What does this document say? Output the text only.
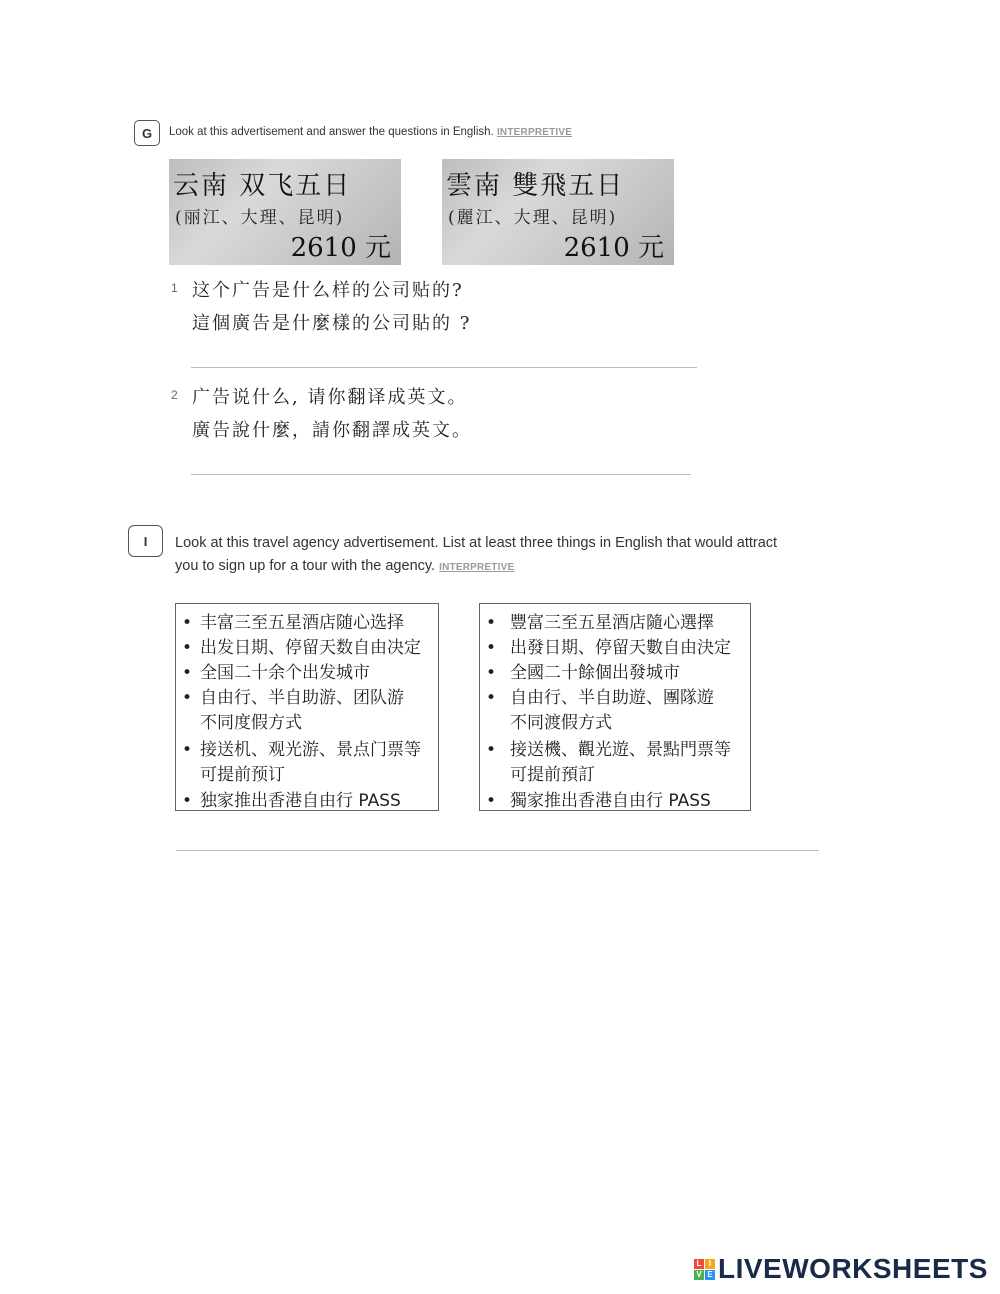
G Look at this advertisement and answer the questions in English. INTERPRETIVE
云南 双飞五日
(丽江、大理、昆明)
2610 元
雲南 雙飛五日
(麗江、大理、昆明)
2610 元
1 这个广告是什么样的公司贴的?
這個廣告是什麼樣的公司貼的 ?
2 广告说什么, 请你翻译成英文。
廣告說什麼，請你翻譯成英文。
I Look at this travel agency advertisement. List at least three things in English that would attract
you to sign up for a tour with the agency. INTERPRETIVE
• 丰富三至五星酒店随心选择
• 出发日期、停留天数自由决定
• 全国二十余个出发城市
• 自由行、半自助游、团队游
不同度假方式
• 接送机、观光游、景点门票等
可提前预订
• 独家推出香港自由行 PASS
• 豐富三至五星酒店隨心選擇
• 出發日期、停留天數自由決定
• 全國二十餘個出發城市
• 自由行、半自助遊、團隊遊
不同渡假方式
• 接送機、觀光遊、景點門票等
可提前預訂
• 獨家推出香港自由行 PASS
L I
V E LIVEWORKSHEETS
